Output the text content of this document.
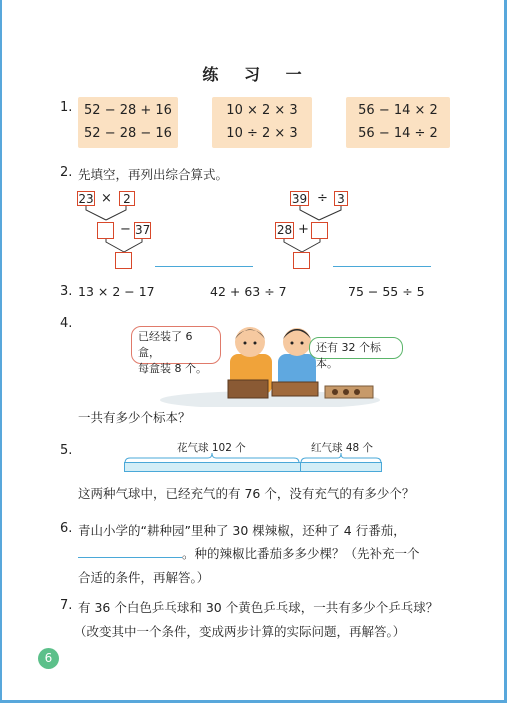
练 习 一
1. 52 − 28 + 16
52 − 28 − 16
10 × 2 × 3
10 ÷ 2 × 3
56 − 14 × 2
56 − 14 ÷ 2
2. 先填空，再列出综合算式。
23 × 2
− 37
39 ÷ 3
28 +
3. 13 × 2 − 17	42 + 63 ÷ 7	75 − 55 ÷ 5
4.
已经装了 6 盒，
每盒装 8 个。
还有 32 个标本。
一共有多少个标本？
5.	花气球 102 个	红气球 48 个
这两种气球中，已经充气的有 76 个，没有充气的有多少个？
6. 青山小学的“耕种园”里种了 30 棵辣椒，还种了 4 行番茄，
。种的辣椒比番茄多多少棵？（先补充一个
合适的条件，再解答。）
7. 有 36 个白色乒乓球和 30 个黄色乒乓球，一共有多少个乒乓球？
（改变其中一个条件，变成两步计算的实际问题，再解答。）
6
